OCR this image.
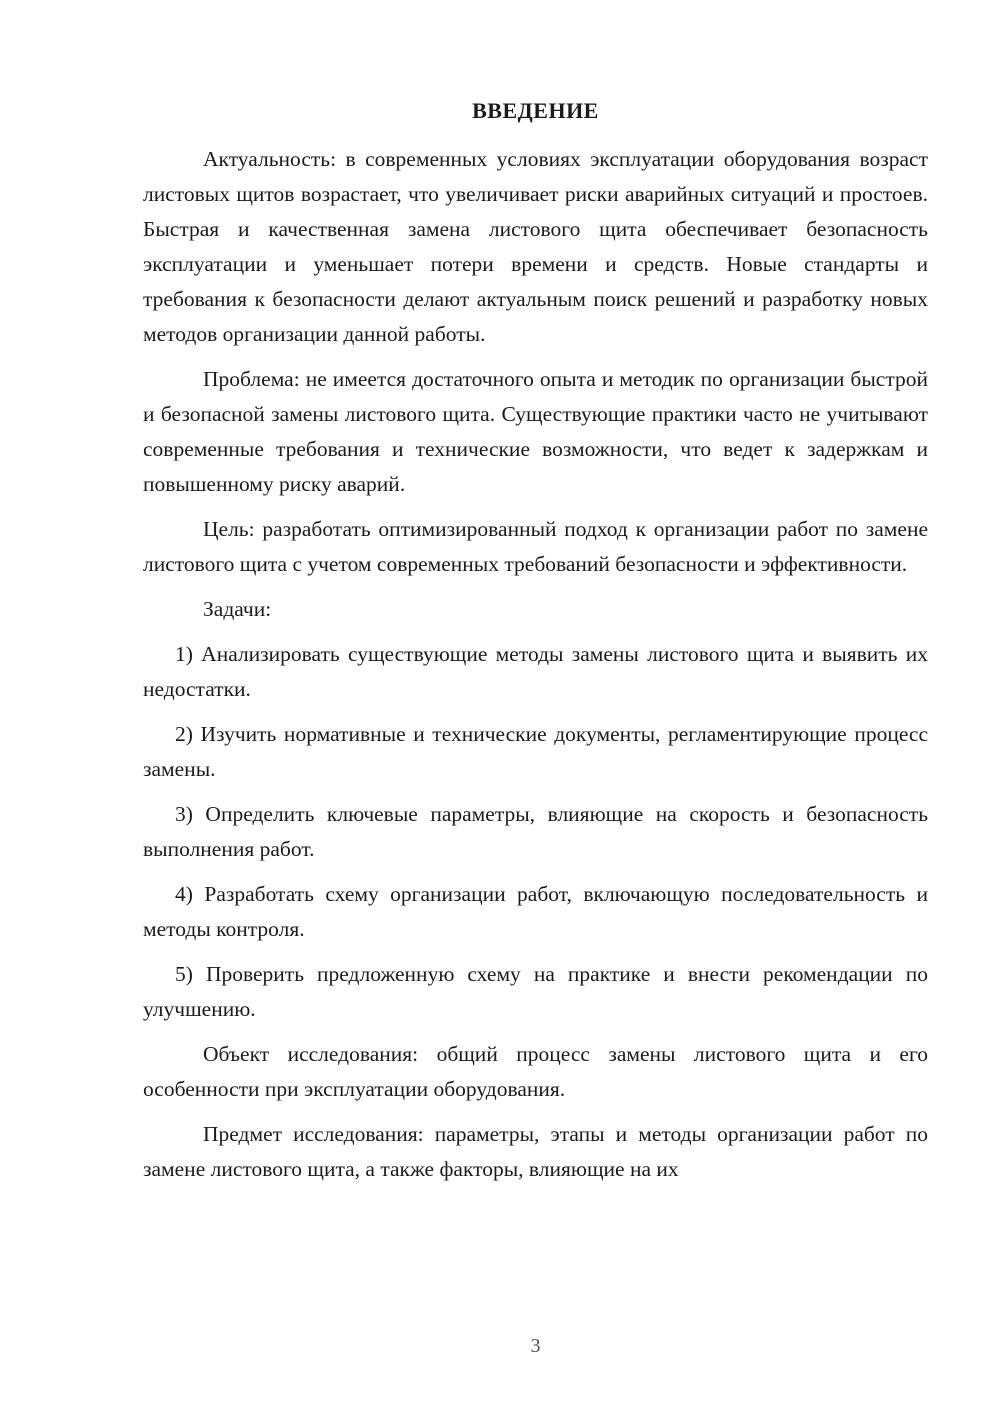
ВВЕДЕНИЕ

Актуальность: в современных условиях эксплуатации оборудования возраст листовых щитов возрастает, что увеличивает риски аварийных ситуаций и простоев. Быстрая и качественная замена листового щита обеспечивает безопасность эксплуатации и уменьшает потери времени и средств. Новые стандарты и требования к безопасности делают актуальным поиск решений и разработку новых методов организации данной работы.

Проблема: не имеется достаточного опыта и методик по организации быстрой и безопасной замены листового щита. Существующие практики часто не учитывают современные требования и технические возможности, что ведет к задержкам и повышенному риску аварий.

Цель: разработать оптимизированный подход к организации работ по замене листового щита с учетом современных требований безопасности и эффективности.

Задачи:

1) Анализировать существующие методы замены листового щита и выявить их недостатки.

2) Изучить нормативные и технические документы, регламентирующие процесс замены.

3) Определить ключевые параметры, влияющие на скорость и безопасность выполнения работ.

4) Разработать схему организации работ, включающую последовательность и методы контроля.

5) Проверить предложенную схему на практике и внести рекомендации по улучшению.

Объект исследования: общий процесс замены листового щита и его особенности при эксплуатации оборудования.

Предмет исследования: параметры, этапы и методы организации работ по замене листового щита, а также факторы, влияющие на их

3
